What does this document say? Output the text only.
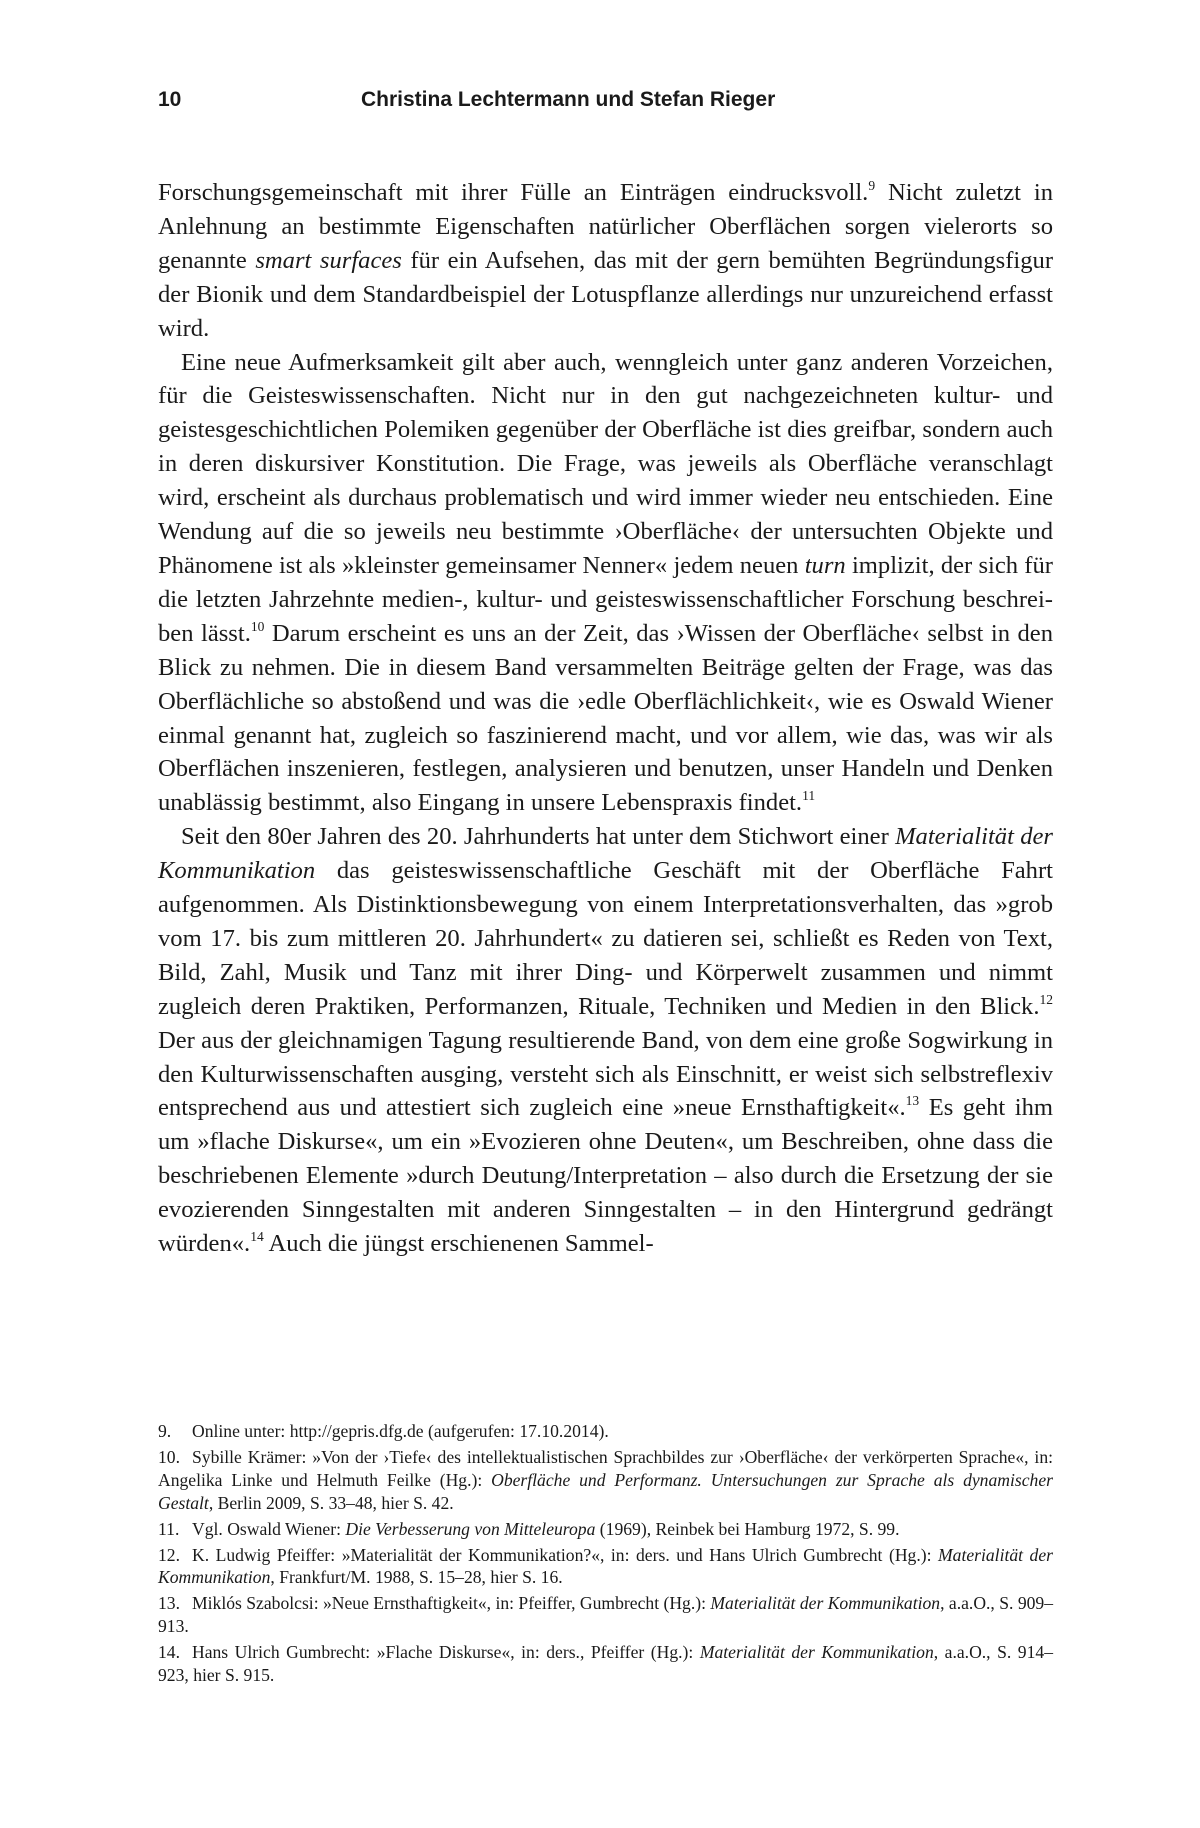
10	Christina Lechtermann und Stefan Rieger

Forschungsgemeinschaft mit ihrer Fülle an Einträgen eindrucksvoll.$^9$ Nicht zuletzt in Anlehnung an bestimmte Eigenschaften natürlicher Oberflächen sorgen vielerorts so genannte smart surfaces für ein Aufsehen, das mit der gern bemühten Begründungsfigur der Bionik und dem Standardbeispiel der Lotuspflanze allerdings nur unzureichend erfasst wird.

Eine neue Aufmerksamkeit gilt aber auch, wenngleich unter ganz anderen Vorzeichen, für die Geisteswissenschaften. Nicht nur in den gut nachgezeichneten kultur- und geistesgeschichtlichen Polemiken gegenüber der Oberfläche ist dies greifbar, sondern auch in deren diskursiver Konstitution. Die Frage, was jeweils als Oberfläche veranschlagt wird, erscheint als durchaus problematisch und wird immer wieder neu entschieden. Eine Wendung auf die so jeweils neu bestimmte ›Oberfläche‹ der untersuchten Objekte und Phänomene ist als »kleinster gemeinsamer Nenner« jedem neuen turn implizit, der sich für die letzten Jahrzehnte medien-, kultur- und geisteswissenschaftlicher Forschung beschreiben lässt.$^{10}$ Darum erscheint es uns an der Zeit, das ›Wissen der Oberfläche‹ selbst in den Blick zu nehmen. Die in diesem Band versammelten Beiträge gelten der Frage, was das Oberflächliche so abstoßend und was die ›edle Oberflächlichkeit‹, wie es Oswald Wiener einmal genannt hat, zugleich so faszinierend macht, und vor allem, wie das, was wir als Oberflächen inszenieren, festlegen, analysieren und benutzen, unser Handeln und Denken unablässig bestimmt, also Eingang in unsere Lebenspraxis findet.$^{11}$

Seit den 80er Jahren des 20. Jahrhunderts hat unter dem Stichwort einer Materialität der Kommunikation das geisteswissenschaftliche Geschäft mit der Oberfläche Fahrt aufgenommen. Als Distinktionsbewegung von einem Interpretationsverhalten, das »grob vom 17. bis zum mittleren 20. Jahrhundert« zu datieren sei, schließt es Reden von Text, Bild, Zahl, Musik und Tanz mit ihrer Ding- und Körperwelt zusammen und nimmt zugleich deren Praktiken, Performanzen, Rituale, Techniken und Medien in den Blick.$^{12}$ Der aus der gleichnamigen Tagung resultierende Band, von dem eine große Sogwirkung in den Kulturwissenschaften ausging, versteht sich als Einschnitt, er weist sich selbstreflexiv entsprechend aus und attestiert sich zugleich eine »neue Ernsthaftigkeit«.$^{13}$ Es geht ihm um »flache Diskurse«, um ein »Evozieren ohne Deuten«, um Beschreiben, ohne dass die beschriebenen Elemente »durch Deutung/Interpretation – also durch die Ersetzung der sie evozierenden Sinngestalten mit anderen Sinngestalten – in den Hintergrund gedrängt würden«.$^{14}$ Auch die jüngst erschienenen Sammel-

9. Online unter: http://gepris.dfg.de (aufgerufen: 17.10.2014).

10. Sybille Krämer: »Von der ›Tiefe‹ des intellektualistischen Sprachbildes zur ›Oberfläche‹ der verkörperten Sprache«, in: Angelika Linke und Helmuth Feilke (Hg.): Oberfläche und Performanz. Untersuchungen zur Sprache als dynamischer Gestalt, Berlin 2009, S. 33–48, hier S. 42.

11. Vgl. Oswald Wiener: Die Verbesserung von Mitteleuropa (1969), Reinbek bei Hamburg 1972, S. 99.

12. K. Ludwig Pfeiffer: »Materialität der Kommunikation?«, in: ders. und Hans Ulrich Gumbrecht (Hg.): Materialität der Kommunikation, Frankfurt/M. 1988, S. 15–28, hier S. 16.

13. Miklós Szabolcsi: »Neue Ernsthaftigkeit«, in: Pfeiffer, Gumbrecht (Hg.): Materialität der Kommunikation, a.a.O., S. 909–913.

14. Hans Ulrich Gumbrecht: »Flache Diskurse«, in: ders., Pfeiffer (Hg.): Materialität der Kommunikation, a.a.O., S. 914–923, hier S. 915.
